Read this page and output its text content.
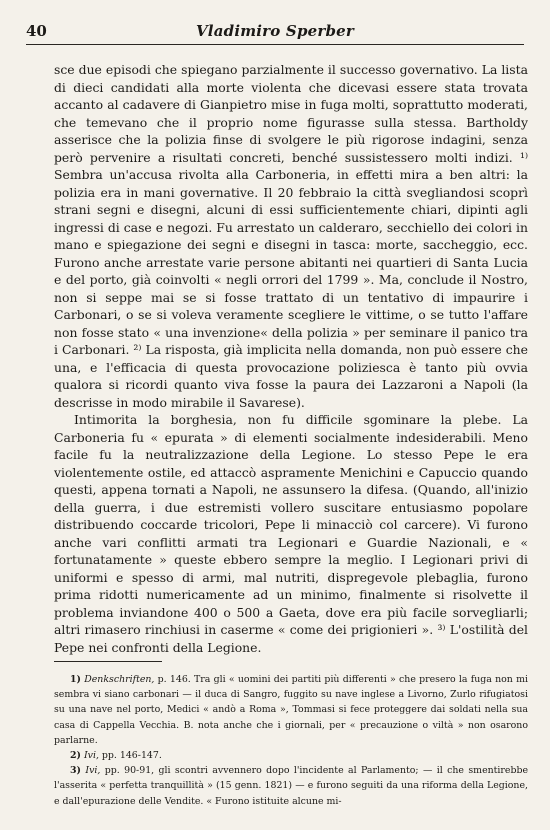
40	Vladimiro Sperber

sce due episodi che spiegano parzialmente il successo governativo. La lista di dieci candidati alla morte violenta che dicevasi essere stata trovata accanto al cadavere di Gianpietro mise in fuga molti, soprattutto moderati, che temevano che il proprio nome figurasse sulla stessa. Bartholdy asserisce che la polizia finse di svolgere le più rigorose indagini, senza però pervenire a risultati concreti, benché sussistessero molti indizi. ¹⁾ Sembra un'accusa rivolta alla Carboneria, in effetti mira a ben altri: la polizia era in mani governative. Il 20 febbraio la città svegliandosi scoprì strani segni e disegni, alcuni di essi sufficientemente chiari, dipinti agli ingressi di case e negozi. Fu arrestato un calderaro, secchiello dei colori in mano e spiegazione dei segni e disegni in tasca: morte, saccheggio, ecc. Furono anche arrestate varie persone abitanti nei quartieri di Santa Lucia e del porto, già coinvolti « negli orrori del 1799 ». Ma, conclude il Nostro, non si seppe mai se si fosse trattato di un tentativo di impaurire i Carbonari, o se si voleva veramente scegliere le vittime, o se tutto l'affare non fosse stato « una invenzione« della polizia » per seminare il panico tra i Carbonari. ²⁾ La risposta, già implicita nella domanda, non può essere che una, e l'efficacia di questa provocazione poliziesca è tanto più ovvia qualora si ricordi quanto viva fosse la paura dei Lazzaroni a Napoli (la descrisse in modo mirabile il Savarese).

Intimorita la borghesia, non fu difficile sgominare la plebe. La Carboneria fu « epurata » di elementi socialmente indesiderabili. Meno facile fu la neutralizzazione della Legione. Lo stesso Pepe le era violentemente ostile, ed attaccò aspramente Menichini e Capuccio quando questi, appena tornati a Napoli, ne assunsero la difesa. (Quando, all'inizio della guerra, i due estremisti vollero suscitare entusiasmo popolare distribuendo coccarde tricolori, Pepe li minacciò col carcere). Vi furono anche vari conflitti armati tra Legionari e Guardie Nazionali, e « fortunatamente » queste ebbero sempre la meglio. I Legionari privi di uniformi e spesso di armi, mal nutriti, dispregevole plebaglia, furono prima ridotti numericamente ad un minimo, finalmente si risolvette il problema inviandone 400 o 500 a Gaeta, dove era più facile sorvegliarli; altri rimasero rinchiusi in caserme « come dei prigionieri ». ³⁾ L'ostilità del Pepe nei confronti della Legione.

1) Denkschriften, p. 146. Tra gli « uomini dei partiti più differenti » che presero la fuga non mi sembra vi siano carbonari — il duca di Sangro, fuggito su nave inglese a Livorno, Zurlo rifugiatosi su una nave nel porto, Medici « andò a Roma », Tommasi si fece proteggere dai soldati nella sua casa di Cappella Vecchia. B. nota anche che i giornali, per « precauzione o viltà » non osarono parlarne.

2) Ivi, pp. 146-147.

3) Ivi, pp. 90-91, gli scontri avvennero dopo l'incidente al Parlamento; — il che smentirebbe l'asserita « perfetta tranquillità » (15 genn. 1821) — e furono seguiti da una riforma della Legione, e dall'epurazione delle Vendite. « Furono istituite alcune mi-
